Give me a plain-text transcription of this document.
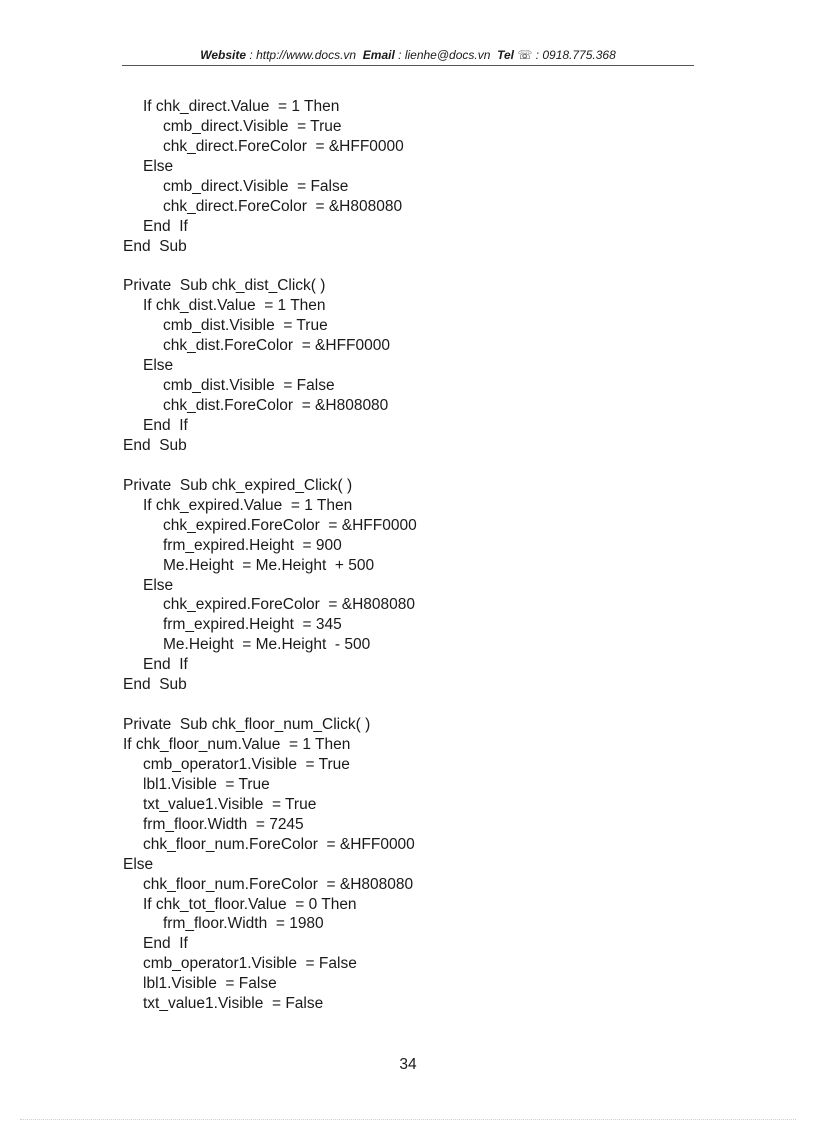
Website : http://www.docs.vn Email : lienhe@docs.vn Tel ☏ : 0918.775.368
If chk_direct.Value  = 1 Then
cmb_direct.Visible  = True
chk_direct.ForeColor  = &HFF0000
Else
cmb_direct.Visible  = False
chk_direct.ForeColor  = &H808080
End  If
End  Sub
Private  Sub chk_dist_Click( )
If chk_dist.Value  = 1 Then
cmb_dist.Visible  = True
chk_dist.ForeColor  = &HFF0000
Else
cmb_dist.Visible  = False
chk_dist.ForeColor  = &H808080
End  If
End  Sub
Private  Sub chk_expired_Click( )
If chk_expired.Value  = 1 Then
chk_expired.ForeColor  = &HFF0000
frm_expired.Height  = 900
Me.Height  = Me.Height  + 500
Else
chk_expired.ForeColor  = &H808080
frm_expired.Height  = 345
Me.Height  = Me.Height  - 500
End  If
End  Sub
Private  Sub chk_floor_num_Click( )
If chk_floor_num.Value  = 1 Then
cmb_operator1.Visible  = True
lbl1.Visible  = True
txt_value1.Visible  = True
frm_floor.Width  = 7245
chk_floor_num.ForeColor  = &HFF0000
Else
chk_floor_num.ForeColor  = &H808080
If chk_tot_floor.Value  = 0 Then
frm_floor.Width  = 1980
End  If
cmb_operator1.Visible  = False
lbl1.Visible  = False
txt_value1.Visible  = False
34
